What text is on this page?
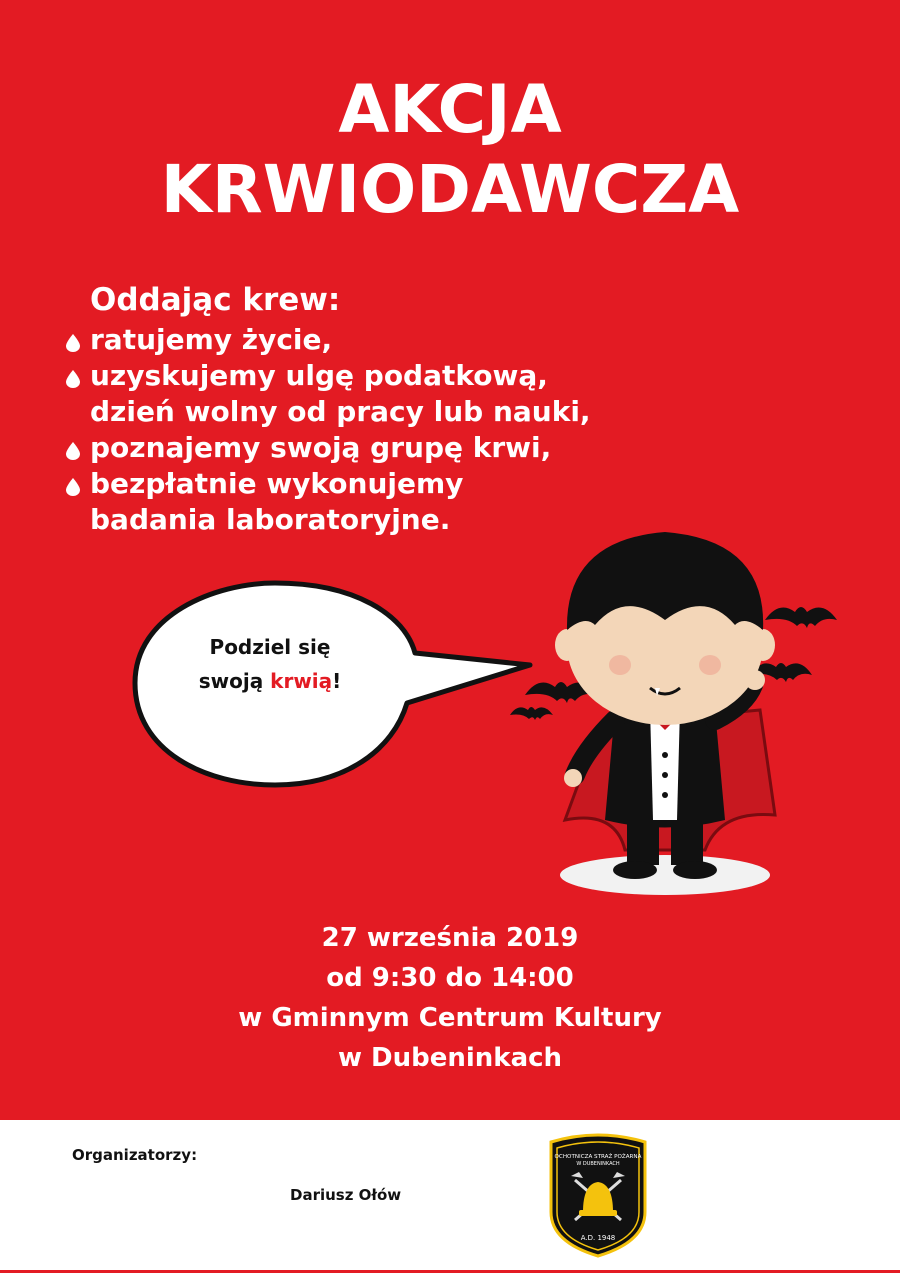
AKCJA
KRWIODAWCZA
Oddając krew:
ratujemy życie,
uzyskujemy ulgę podatkową,
dzień wolny od pracy lub nauki,
poznajemy swoją grupę krwi,
bezpłatnie wykonujemy
badania laboratoryjne.
Podziel się
swoją krwią!
27 września 2019
od 9:30 do 14:00
w Gminnym Centrum Kultury
w Dubeninkach
Organizatorzy:
Dariusz Ołów
OCHOTNICZA STRAŻ POŻARNA
W DUBENINKACH
A.D. 1948
